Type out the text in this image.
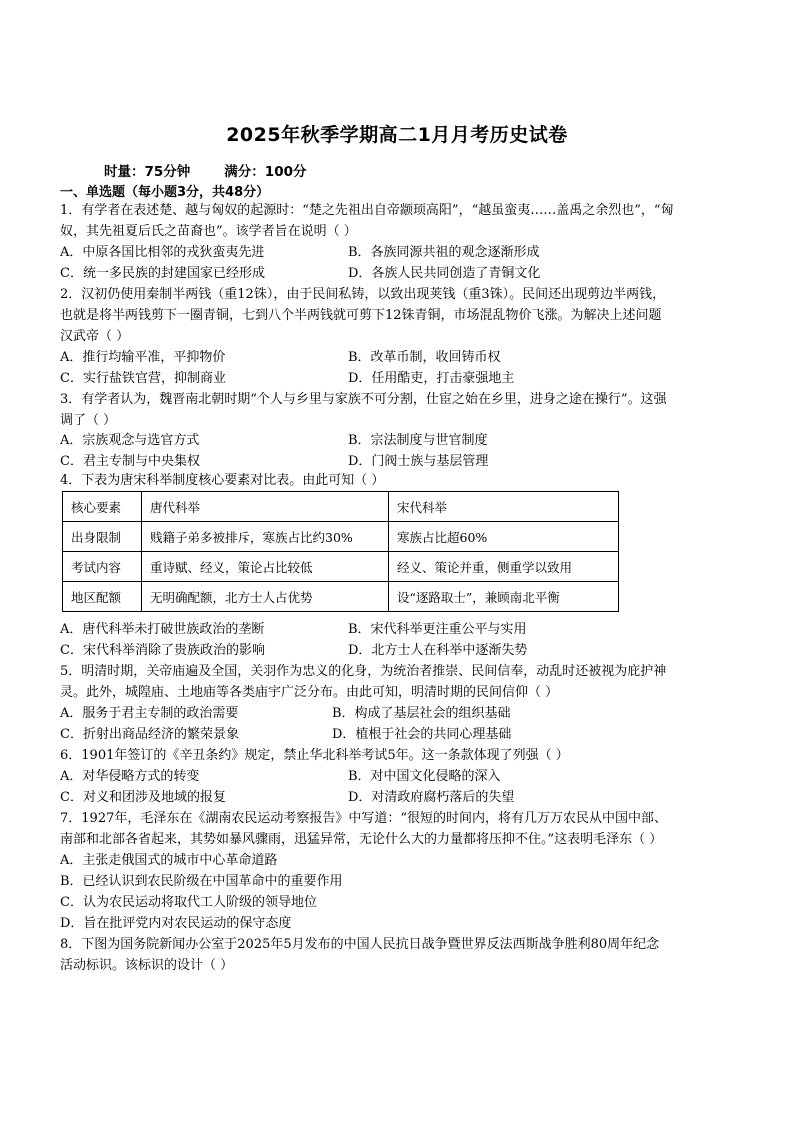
2025年秋季学期高二1月月考历史试卷
时量：75分钟	满分：100分
一、单选题（每小题3分，共48分）
1．有学者在表述楚、越与匈奴的起源时：“楚之先祖出自帝颛顼高阳”，“越虽蛮夷……盖禹之余烈也”，“匈
奴，其先祖夏后氏之苗裔也”。该学者旨在说明（ ）
A．中原各国比相邻的戎狄蛮夷先进	B．各族同源共祖的观念逐渐形成
C．统一多民族的封建国家已经形成	D．各族人民共同创造了青铜文化
2．汉初仍使用秦制半两钱（重12铢），由于民间私铸，以致出现荚钱（重3铢）。民间还出现剪边半两钱，
也就是将半两钱剪下一圈青铜，七到八个半两钱就可剪下12铢青铜，市场混乱物价飞涨。为解决上述问题
汉武帝（ ）
A．推行均输平准，平抑物价	B．改革币制，收回铸币权
C．实行盐铁官营，抑制商业	D．任用酷吏，打击豪强地主
3．有学者认为，魏晋南北朝时期“个人与乡里与家族不可分割，仕宦之始在乡里，进身之途在操行”。这强
调了（ ）
A．宗族观念与选官方式	B．宗法制度与世官制度
C．君主专制与中央集权	D．门阀士族与基层管理
4．下表为唐宋科举制度核心要素对比表。由此可知（ ）
核心要素	唐代科举	宋代科举
出身限制	贱籍子弟多被排斥，寒族占比约30%	寒族占比超60%
考试内容	重诗赋、经义，策论占比较低	经义、策论并重，侧重学以致用
地区配额	无明确配额，北方士人占优势	设“逐路取士”，兼顾南北平衡
A．唐代科举未打破世族政治的垄断	B．宋代科举更注重公平与实用
C．宋代科举消除了贵族政治的影响	D．北方士人在科举中逐渐失势
5．明清时期，关帝庙遍及全国，关羽作为忠义的化身，为统治者推崇、民间信奉，动乱时还被视为庇护神
灵。此外，城隍庙、土地庙等各类庙宇广泛分布。由此可知，明清时期的民间信仰（ ）
A．服务于君主专制的政治需要	B．构成了基层社会的组织基础
C．折射出商品经济的繁荣景象	D．植根于社会的共同心理基础
6．1901年签订的《辛丑条约》规定，禁止华北科举考试5年。这一条款体现了列强（ ）
A．对华侵略方式的转变	B．对中国文化侵略的深入
C．对义和团涉及地域的报复	D．对清政府腐朽落后的失望
7．1927年，毛泽东在《湖南农民运动考察报告》中写道：“很短的时间内，将有几万万农民从中国中部、
南部和北部各省起来，其势如暴风骤雨，迅猛异常，无论什么大的力量都将压抑不住。”这表明毛泽东（ ）
A．主张走俄国式的城市中心革命道路
B．已经认识到农民阶级在中国革命中的重要作用
C．认为农民运动将取代工人阶级的领导地位
D．旨在批评党内对农民运动的保守态度
8．下图为国务院新闻办公室于2025年5月发布的中国人民抗日战争暨世界反法西斯战争胜利80周年纪念
活动标识。该标识的设计（ ）
